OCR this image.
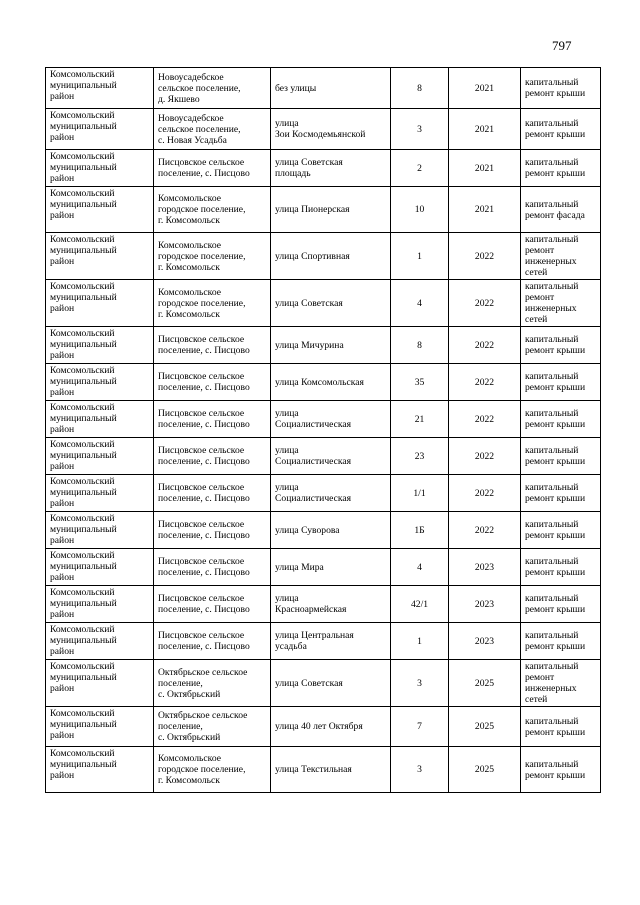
797
Комсомольский
муниципальный
район	Новоусадебское
сельское поселение,
д. Якшево	без улицы	8	2021	капитальный
ремонт крыши

Комсомольский
муниципальный
район	Новоусадебское
сельское поселение,
с. Новая Усадьба	улица
Зои Космодемьянской	3	2021	капитальный
ремонт крыши

Комсомольский
муниципальный
район	Писцовское сельское
поселение, с. Писцово	улица Советская
площадь	2	2021	капитальный
ремонт крыши

Комсомольский
муниципальный
район	Комсомольское
городское поселение,
г. Комсомольск	улица Пионерская	10	2021	капитальный
ремонт фасада

Комсомольский
муниципальный
район	Комсомольское
городское поселение,
г. Комсомольск	улица Спортивная	1	2022	капитальный
ремонт
инженерных
сетей

Комсомольский
муниципальный
район	Комсомольское
городское поселение,
г. Комсомольск	улица Советская	4	2022	капитальный
ремонт
инженерных
сетей

Комсомольский
муниципальный
район	Писцовское сельское
поселение, с. Писцово	улица Мичурина	8	2022	капитальный
ремонт крыши

Комсомольский
муниципальный
район	Писцовское сельское
поселение, с. Писцово	улица Комсомольская	35	2022	капитальный
ремонт крыши

Комсомольский
муниципальный
район	Писцовское сельское
поселение, с. Писцово	улица
Социалистическая	21	2022	капитальный
ремонт крыши

Комсомольский
муниципальный
район	Писцовское сельское
поселение, с. Писцово	улица
Социалистическая	23	2022	капитальный
ремонт крыши

Комсомольский
муниципальный
район	Писцовское сельское
поселение, с. Писцово	улица
Социалистическая	1/1	2022	капитальный
ремонт крыши

Комсомольский
муниципальный
район	Писцовское сельское
поселение, с. Писцово	улица Суворова	1Б	2022	капитальный
ремонт крыши

Комсомольский
муниципальный
район	Писцовское сельское
поселение, с. Писцово	улица Мира	4	2023	капитальный
ремонт крыши

Комсомольский
муниципальный
район	Писцовское сельское
поселение, с. Писцово	улица
Красноармейская	42/1	2023	капитальный
ремонт крыши

Комсомольский
муниципальный
район	Писцовское сельское
поселение, с. Писцово	улица Центральная
усадьба	1	2023	капитальный
ремонт крыши

Комсомольский
муниципальный
район	Октябрьское сельское
поселение,
с. Октябрьский	улица Советская	3	2025	капитальный
ремонт
инженерных
сетей

Комсомольский
муниципальный
район	Октябрьское сельское
поселение,
с. Октябрьский	улица 40 лет Октября	7	2025	капитальный
ремонт крыши

Комсомольский
муниципальный
район	Комсомольское
городское поселение,
г. Комсомольск	улица Текстильная	3	2025	капитальный
ремонт крыши
